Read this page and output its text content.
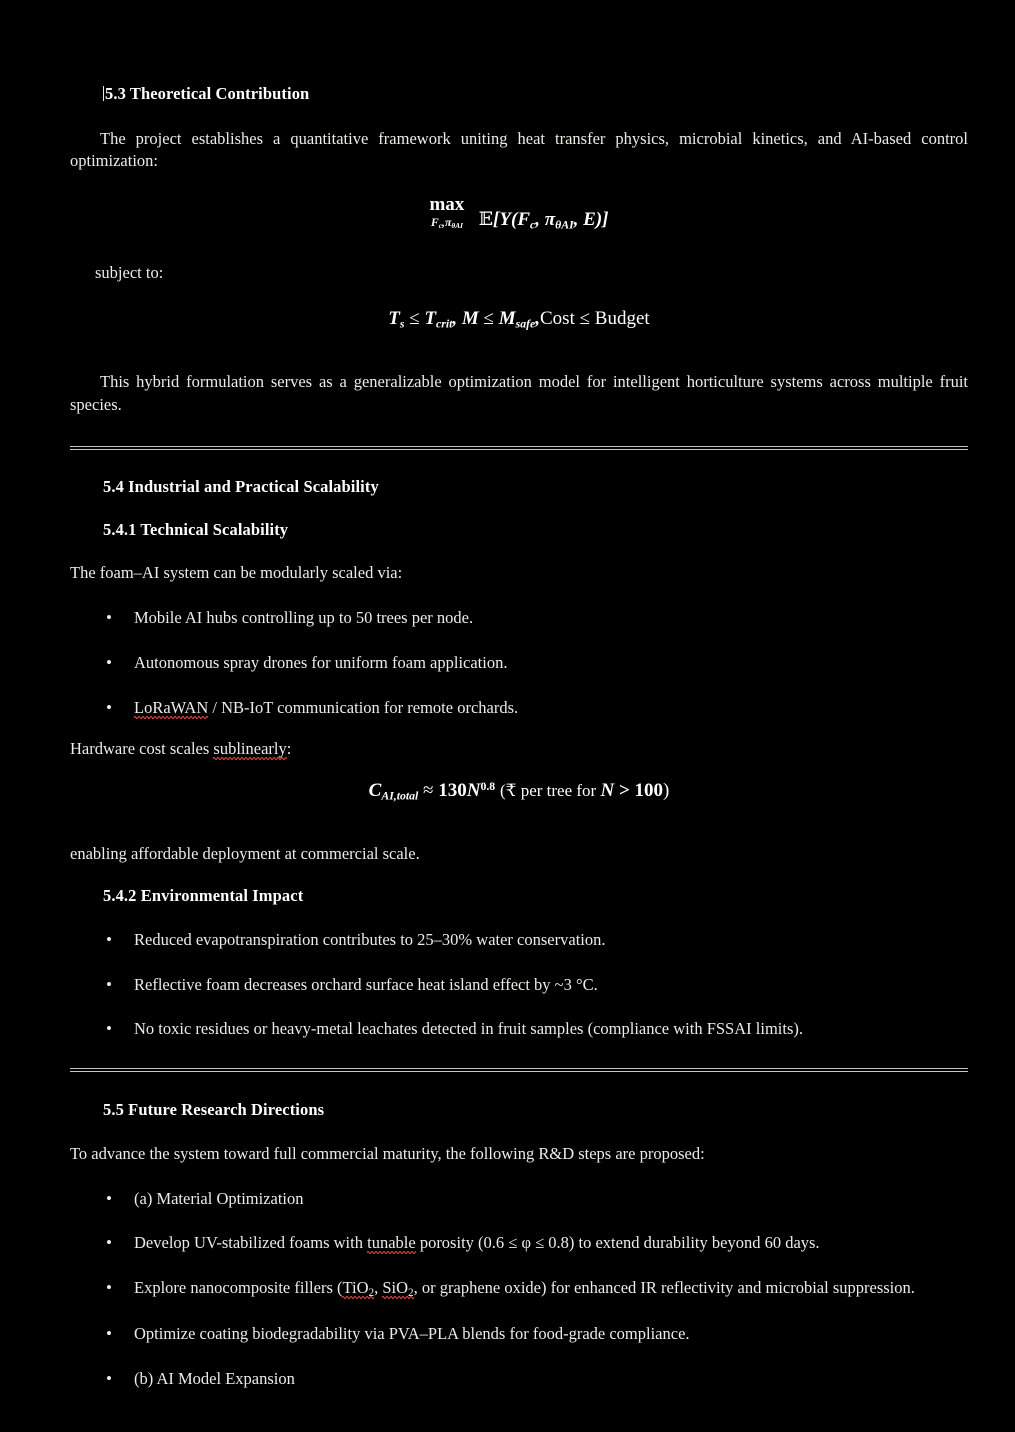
5.3 Theoretical Contribution

The project establishes a quantitative framework uniting heat transfer physics, microbial kinetics, and AI-based control optimization:

max
$F_c,\pi_{\theta AI}$ $𝔼[Y(F_c$, $\pi_{\theta AI}$, E)]

subject to:

$T_s \le T_{crit}$, $M \le M_{safe},Cost$ ≤ Budget

This hybrid formulation serves as a generalizable optimization model for intelligent horticulture systems across multiple fruit species.

5.4 Industrial and Practical Scalability
5.4.1 Technical Scalability

The foam–AI system can be modularly scaled via:

• Mobile AI hubs controlling up to 50 trees per node.
• Autonomous spray drones for uniform foam application.
• LoRaWAN / NB-IoT communication for remote orchards.

Hardware cost scales sublinearly:

$C_{AI,total} \approx 130N^{0.8}$ (₹ per tree for N > 100)

enabling affordable deployment at commercial scale.

5.4.2 Environmental Impact
• Reduced evapotranspiration contributes to 25–30% water conservation.
• Reflective foam decreases orchard surface heat island effect by ~3 °C.
• No toxic residues or heavy-metal leachates detected in fruit samples (compliance with FSSAI limits).
5.5 Future Research Directions

To advance the system toward full commercial maturity, the following R&D steps are proposed:

• (a) Material Optimization
• Develop UV-stabilized foams with tunable porosity (0.6 ≤ φ ≤ 0.8) to extend durability beyond 60 days.
• Explore nanocomposite fillers (TiO$_2$, SiO$_2$, or graphene oxide) for enhanced IR reflectivity and microbial suppression.
• Optimize coating biodegradability via PVA–PLA blends for food-grade compliance.
• (b) AI Model Expansion
